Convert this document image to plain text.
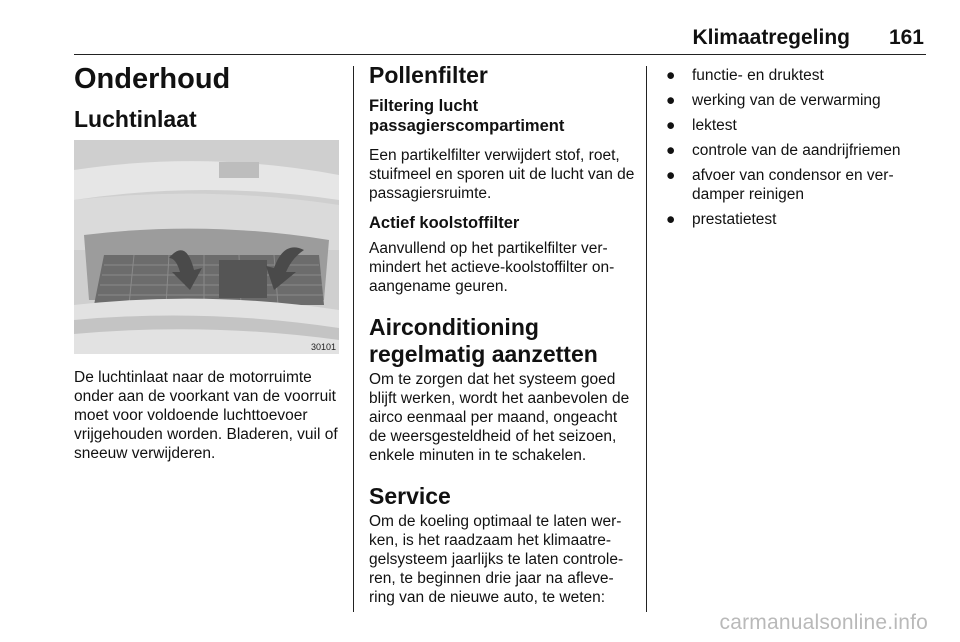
Klimaatregeling	161
Onderhoud
Luchtinlaat
30101

De luchtinlaat naar de motorruimte onder aan de voorkant van de voorruit moet voor voldoende luchttoevoer vrijgehouden worden. Bladeren, vuil of sneeuw verwijderen.

Pollenfilter
Filtering lucht passagierscompartiment

Een partikelfilter verwijdert stof, roet, stuifmeel en sporen uit de lucht van de passagiersruimte.

Actief koolstoffilter

Aanvullend op het partikelfilter ver-mindert het actieve-koolstoffilter on-aangename geuren.

Airconditioning regelmatig aanzetten

Om te zorgen dat het systeem goed blijft werken, wordt het aanbevolen de airco eenmaal per maand, ongeacht de weersgesteldheid of het seizoen, enkele minuten in te schakelen.

Service

Om de koeling optimaal te laten wer-ken, is het raadzaam het klimaatre-gelsysteem jaarlijks te laten controle-ren, te beginnen drie jaar na afleve-ring van de nieuwe auto, te weten:

● functie- en druktest
● werking van de verwarming
● lektest
● controle van de aandrijfriemen
● afvoer van condensor en ver-damper reinigen
● prestatietest
carmanualsonline.info
